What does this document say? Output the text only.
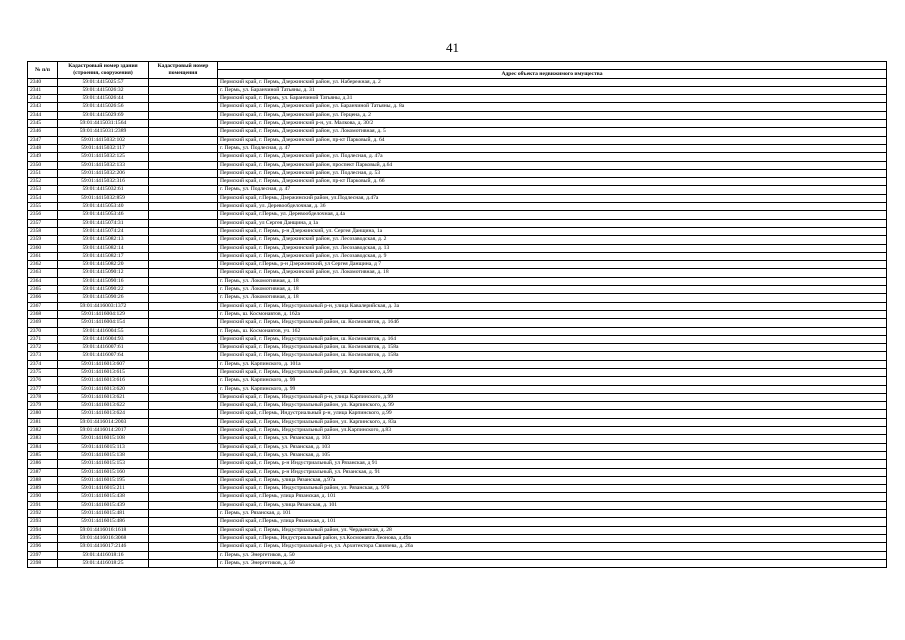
41
№ п/п	Кадастровый номер здания (строения, сооружения)	Кадастровый номер помещения	
			Адрес объекта недвижимого имущества
2340	59:01:4415025:57		Пермский край, г. Пермь, Дзержинский район, ул. Набережная, д. 2
2341	59:01:4415026:32		г. Пермь, ул. Баранчиной Татьяны, д. 31
2342	59:01:4415026:44		Пермский край, г. Пермь, ул. Баранчиной Татьяны, д.31
2343	59:01:4415026:56		Пермский край, г. Пермь, Дзержинский район, ул. Баранчиной Татьяны, д. 8а
2344	59:01:4415029:69		Пермский край, г. Пермь, Дзержинский район, ул. Герцена, д. 2
2345	59:01:4415031:1564		Пермский край, г. Пермь, Дзержинский р-н, ул. Малкова, д. 30/2
2346	59:01:4415031:2389		Пермский край, г. Пермь, Дзержинский район, ул. Локомотивная, д. 5
2347	59:01:4415032:102		Пермский край, г. Пермь, Дзержинский район, пр-кт Парковый, д. 64
2348	59:01:4415032:117		г. Пермь, ул. Подлесная, д. 47
2349	59:01:4415032:125		Пермский край, г. Пермь, Дзержинский район, ул. Подлесная, д. 47а
2350	59:01:4415032:133		Пермский край, г. Пермь, Дзержинский район, проспект Парковый, д.64
2351	59:01:4415032:206		Пермский край, г. Пермь, Дзержинский район, ул. Подлесная, д. 53
2352	59:01:4415032:316		Пермский край, г. Пермь, Дзержинский район, пр-кт Парковый, д. 66
2353	59:01:4415032:61		г. Пермь, ул. Подлесная, д. 47
2354	59:01:4415032:859		Пермский край, г.Пермь, Дзержинский район, ул.Подлесная, д.47а
2355	59:01:4415053:40		Пермский край, ул. Деревообделочная, д. 36
2356	59:01:4415053:46		Пермский край, г.Пермь, ул. Деревообделочная, д.4а
2357	59:01:4415074:31		Пермский край, ул Сергея Данщина, д 1а
2358	59:01:4415074:24		Пермский край, г. Пермь, р-н Дзержинский, ул. Сергея Данщина, 1а
2359	59:01:4415082:13		Пермский край, г. Пермь, Дзержинский район, ул. Лесозаводская, д. 2
2360	59:01:4415082:14		Пермский край, г. Пермь, Дзержинский район, ул. Лесозаводская, д. 13
2361	59:01:4415082:17		Пермский край, г. Пермь, Дзержинский район, ул. Лесозаводская, д. 9
2362	59:01:4415082:20		Пермский край, г.Пермь, р-н Дзержинский, ул Сергея Данщина, д 7
2363	59:01:4415090:12		Пермский край, г. Пермь, Дзержинский район, ул. Локомотивная, д. 18
2364	59:01:4415090:16		г. Пермь, ул. Локомотивная, д. 18
2365	59:01:4415090:22		г. Пермь, ул. Локомотивная, д. 18
2366	59:01:4415090:26		г. Пермь, ул. Локомотивная, д. 18
2367	59:01:4416003:1372		Пермский край, г. Пермь, Индустриальный р-н, улица Кавалерийская, д. 3а
2368	59:01:4416004:129		г. Пермь, ш. Космонавтов, д. 162а
2369	59:01:4416004:154		Пермский край, г. Пермь, Индустриальный район, ш. Космонавтов, д. 164б
2370	59:01:4416004:55		г. Пермь, ш. Космонавтов, уч. 162
2371	59:01:4416004:93		Пермский край, г. Пермь, Индустриальный район, ш. Космонавтов, д. 164
2372	59:01:4416007:61		Пермский край, г. Пермь, Индустриальный район, ш. Космонавтов, д. 158а
2373	59:01:4416007:64		Пермский край, г. Пермь, Индустриальный район, ш. Космонавтов, д. 158а
2374	59:01:4416013:607		г. Пермь, ул. Карпинского, д. 101а
2375	59:01:4416013:615		Пермский край, г. Пермь, Индустриальный район, ул. Карпинского, д.99
2376	59:01:4416013:616		г. Пермь, ул. Карпинского, д. 99
2377	59:01:4416013:620		г. Пермь, ул. Карпинского, д. 99
2378	59:01:4416013:621		Пермский край, г. Пермь, Индустриальный р-н, улица Карпинского, д.99
2379	59:01:4416013:622		Пермский край, г. Пермь, Индустриальный район, ул. Карпинского, д. 99
2380	59:01:4416013:624		Пермский край, г.Пермь, Индустриальный р-н, улица Карпинского, д.99
2381	59:01:4416014:2003		Пермский край, г. Пермь, Индустриальный район, ул. Карпинского, д. 83а
2382	59:01:4416014:2017		Пермский край, г. Пермь, Индустриальный район, ул.Карпинского, д.83
2383	59:01:4416015:108		Пермский край, г. Пермь, ул. Рязанская, д. 103
2384	59:01:4416015:113		Пермский край, г. Пермь, ул. Рязанская, д. 103
2385	59:01:4416015:138		Пермский край, г. Пермь, ул. Рязанская, д. 105
2386	59:01:4416015:153		Пермский край, г. Пермь, р-н Индустриальный, ул Рязанская, д 91
2387	59:01:4416015:160		Пермский край, г. Пермь, р-н Индустриальный, ул. Рязанская, д. 91
2388	59:01:4416015:195		Пермский край, г. Пермь, улица Рязанская, д.97а
2389	59:01:4416015:211		Пермский край, г. Пермь, Индустриальный район, ул. Рязанская, д. 97б
2390	59:01:4416015:438		Пермский край, г.Пермь, улица Рязанская, д. 101
2391	59:01:4416015:439		Пермский край, г. Пермь, улица Рязанская, д. 101
2392	59:01:4416015:481		г. Пермь, ул. Рязанская, д. 101
2393	59:01:4416015:486		Пермский край, г.Пермь, улица Рязанская, д. 101
2394	59:01:4416016:1618		Пермский край, г. Пермь, Индустриальный район, ул. Чердынская, д. 28
2395	59:01:4416016:3068		Пермский край, г.Пермь, Индустриальный район, ул.Космонавта Леонова, д.49а
2396	59:01:4416017:2146		Пермский край, г. Пермь, Индустриальный р-н, ул. Архитектора Свиязева, д. 26а
2397	59:01:4416018:16		г. Пермь, ул. Энергетиков, д. 50
2398	59:01:4416018:25		г. Пермь, ул. Энергетиков, д. 50
